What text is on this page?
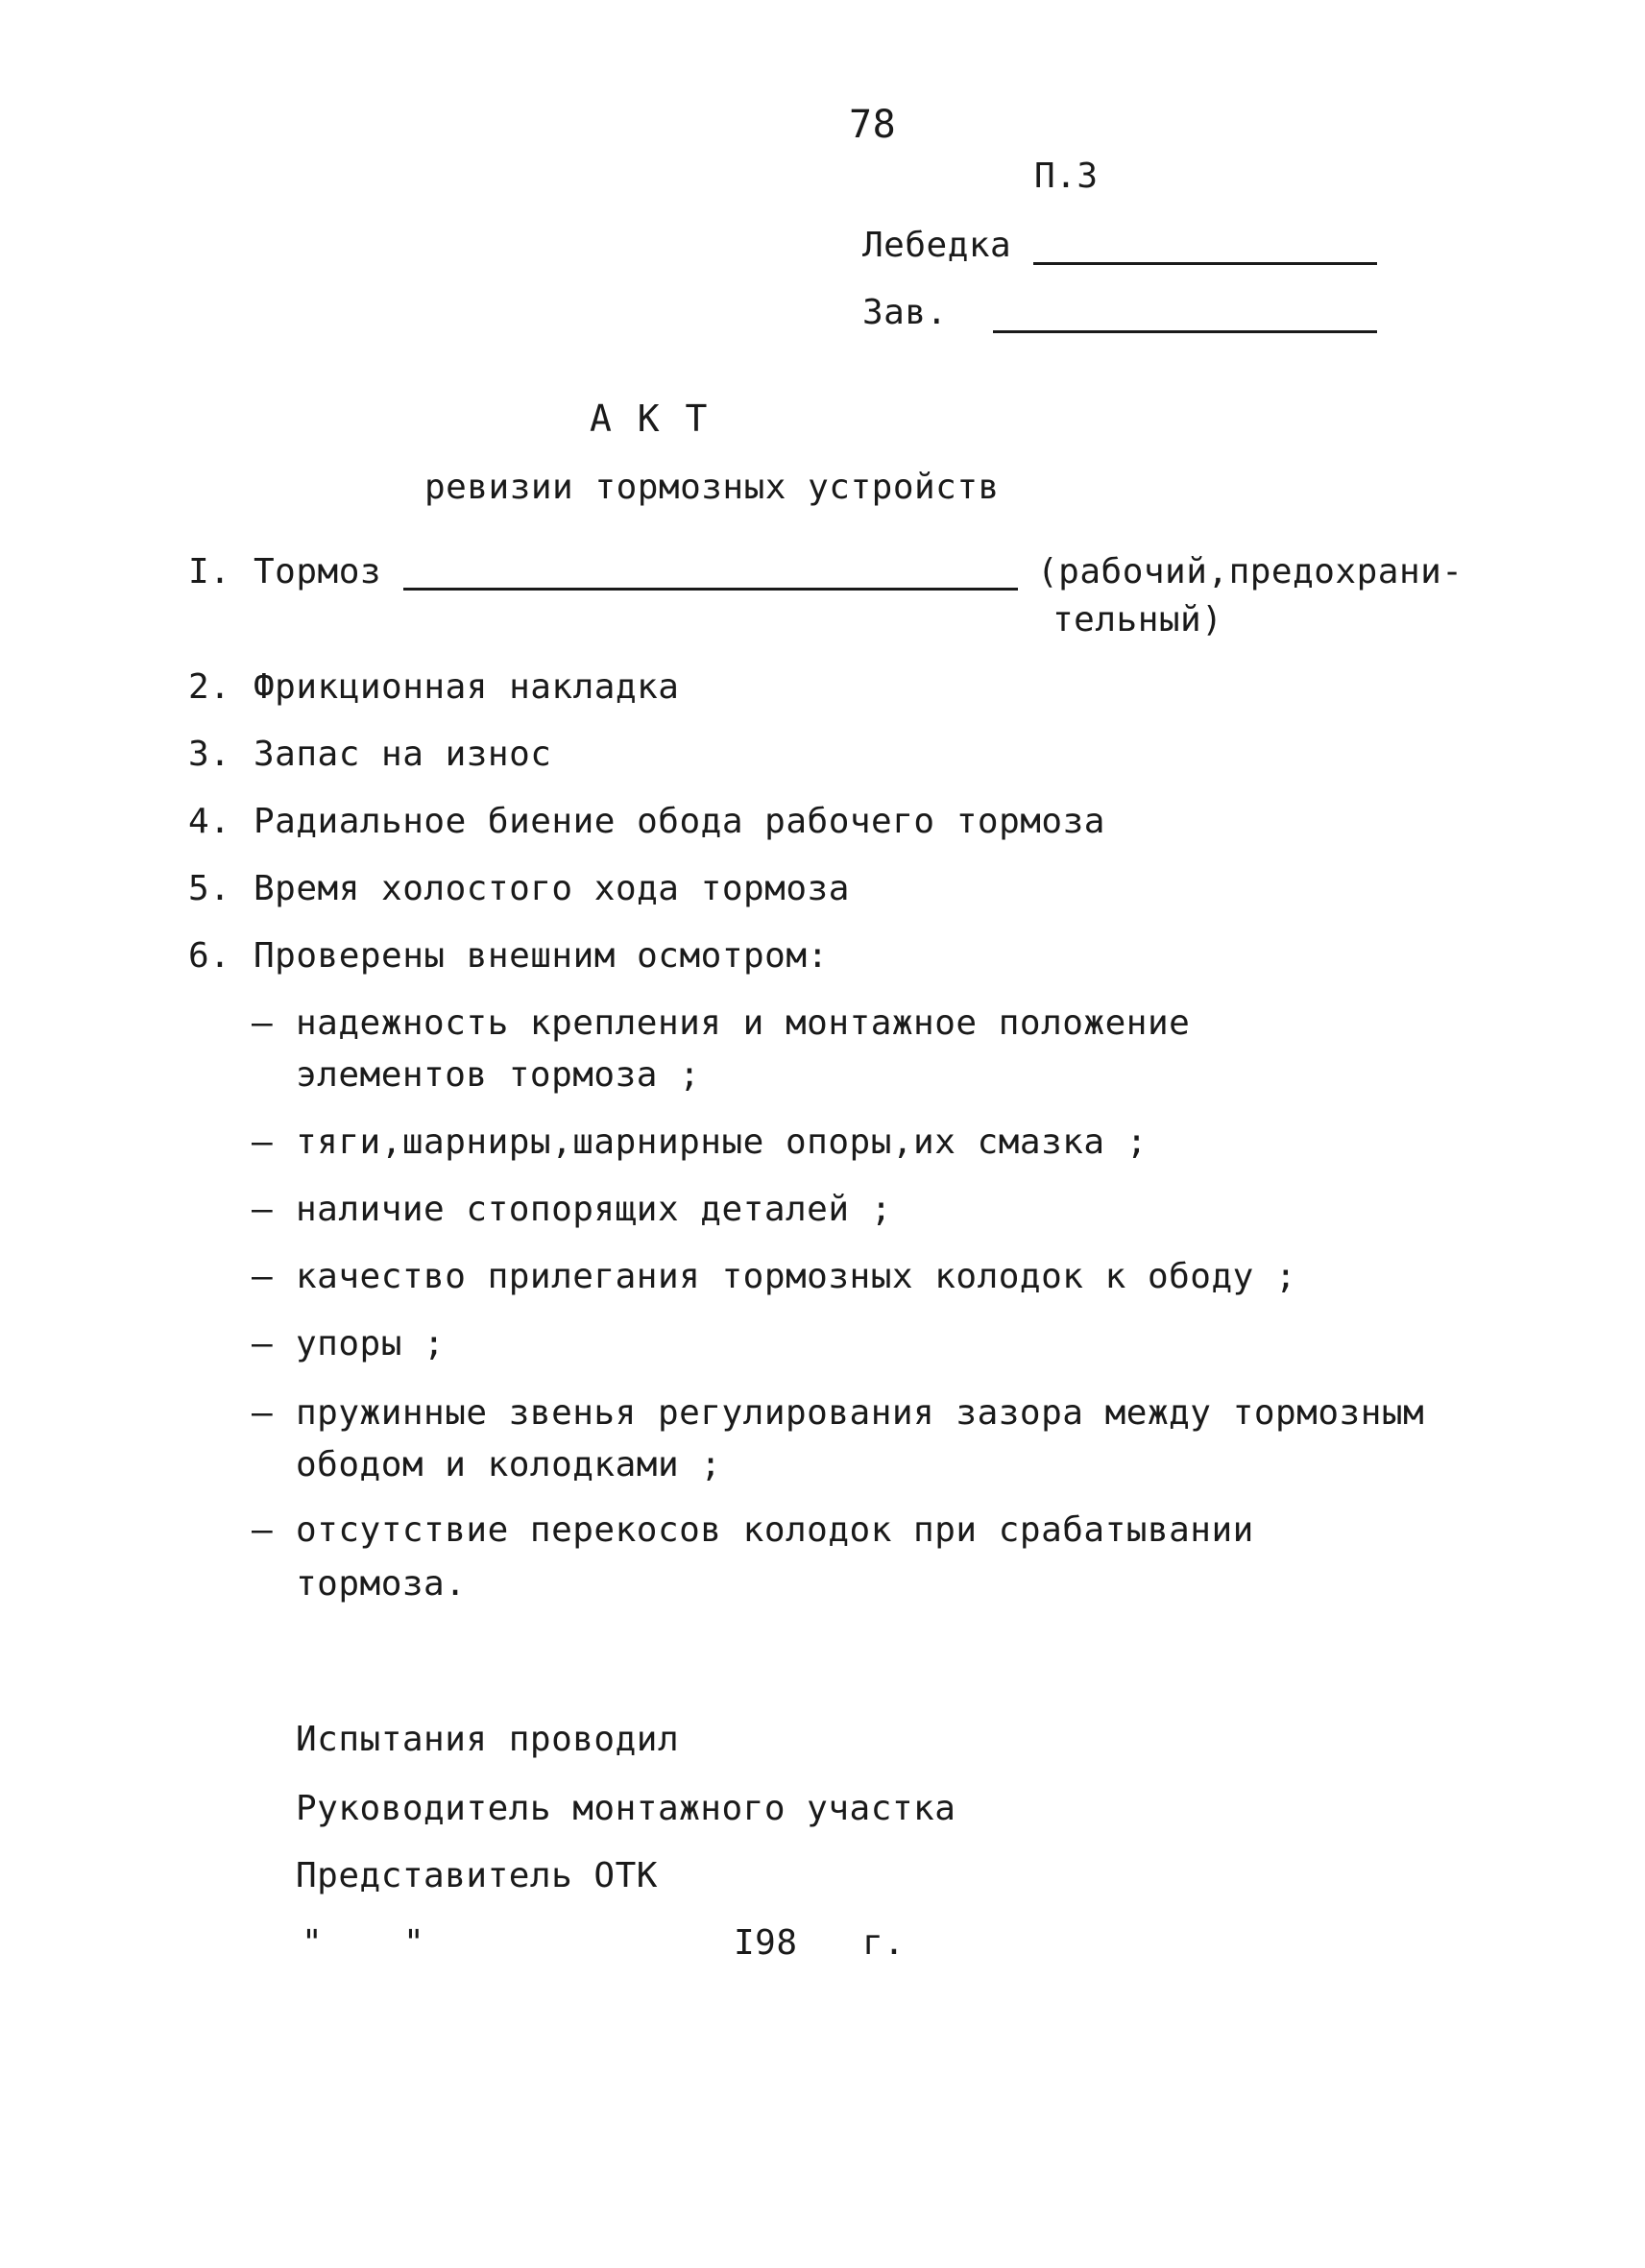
78
П.3
Лебедка
Зав.
А К Т
ревизии тормозных устройств
I. Тормоз	(рабочий,предохрани-
тельный)
2. Фрикционная накладка
3. Запас на износ
4. Радиальное биение обода рабочего тормоза
5. Время холостого хода тормоза
6. Проверены внешним осмотром:
– надежность крепления и монтажное положение
элементов тормоза ;
– тяги,шарниры,шарнирные опоры,их смазка ;
– наличие стопорящих деталей ;
– качество прилегания тормозных колодок к ободу ;
– упоры ;
– пружинные звенья регулирования зазора между тормозным
ободом и колодками ;
– отсутствие перекосов колодок при срабатывании
тормоза.
Испытания проводил
Руководитель монтажного участка
Представитель ОТК
" "	I98 г.
